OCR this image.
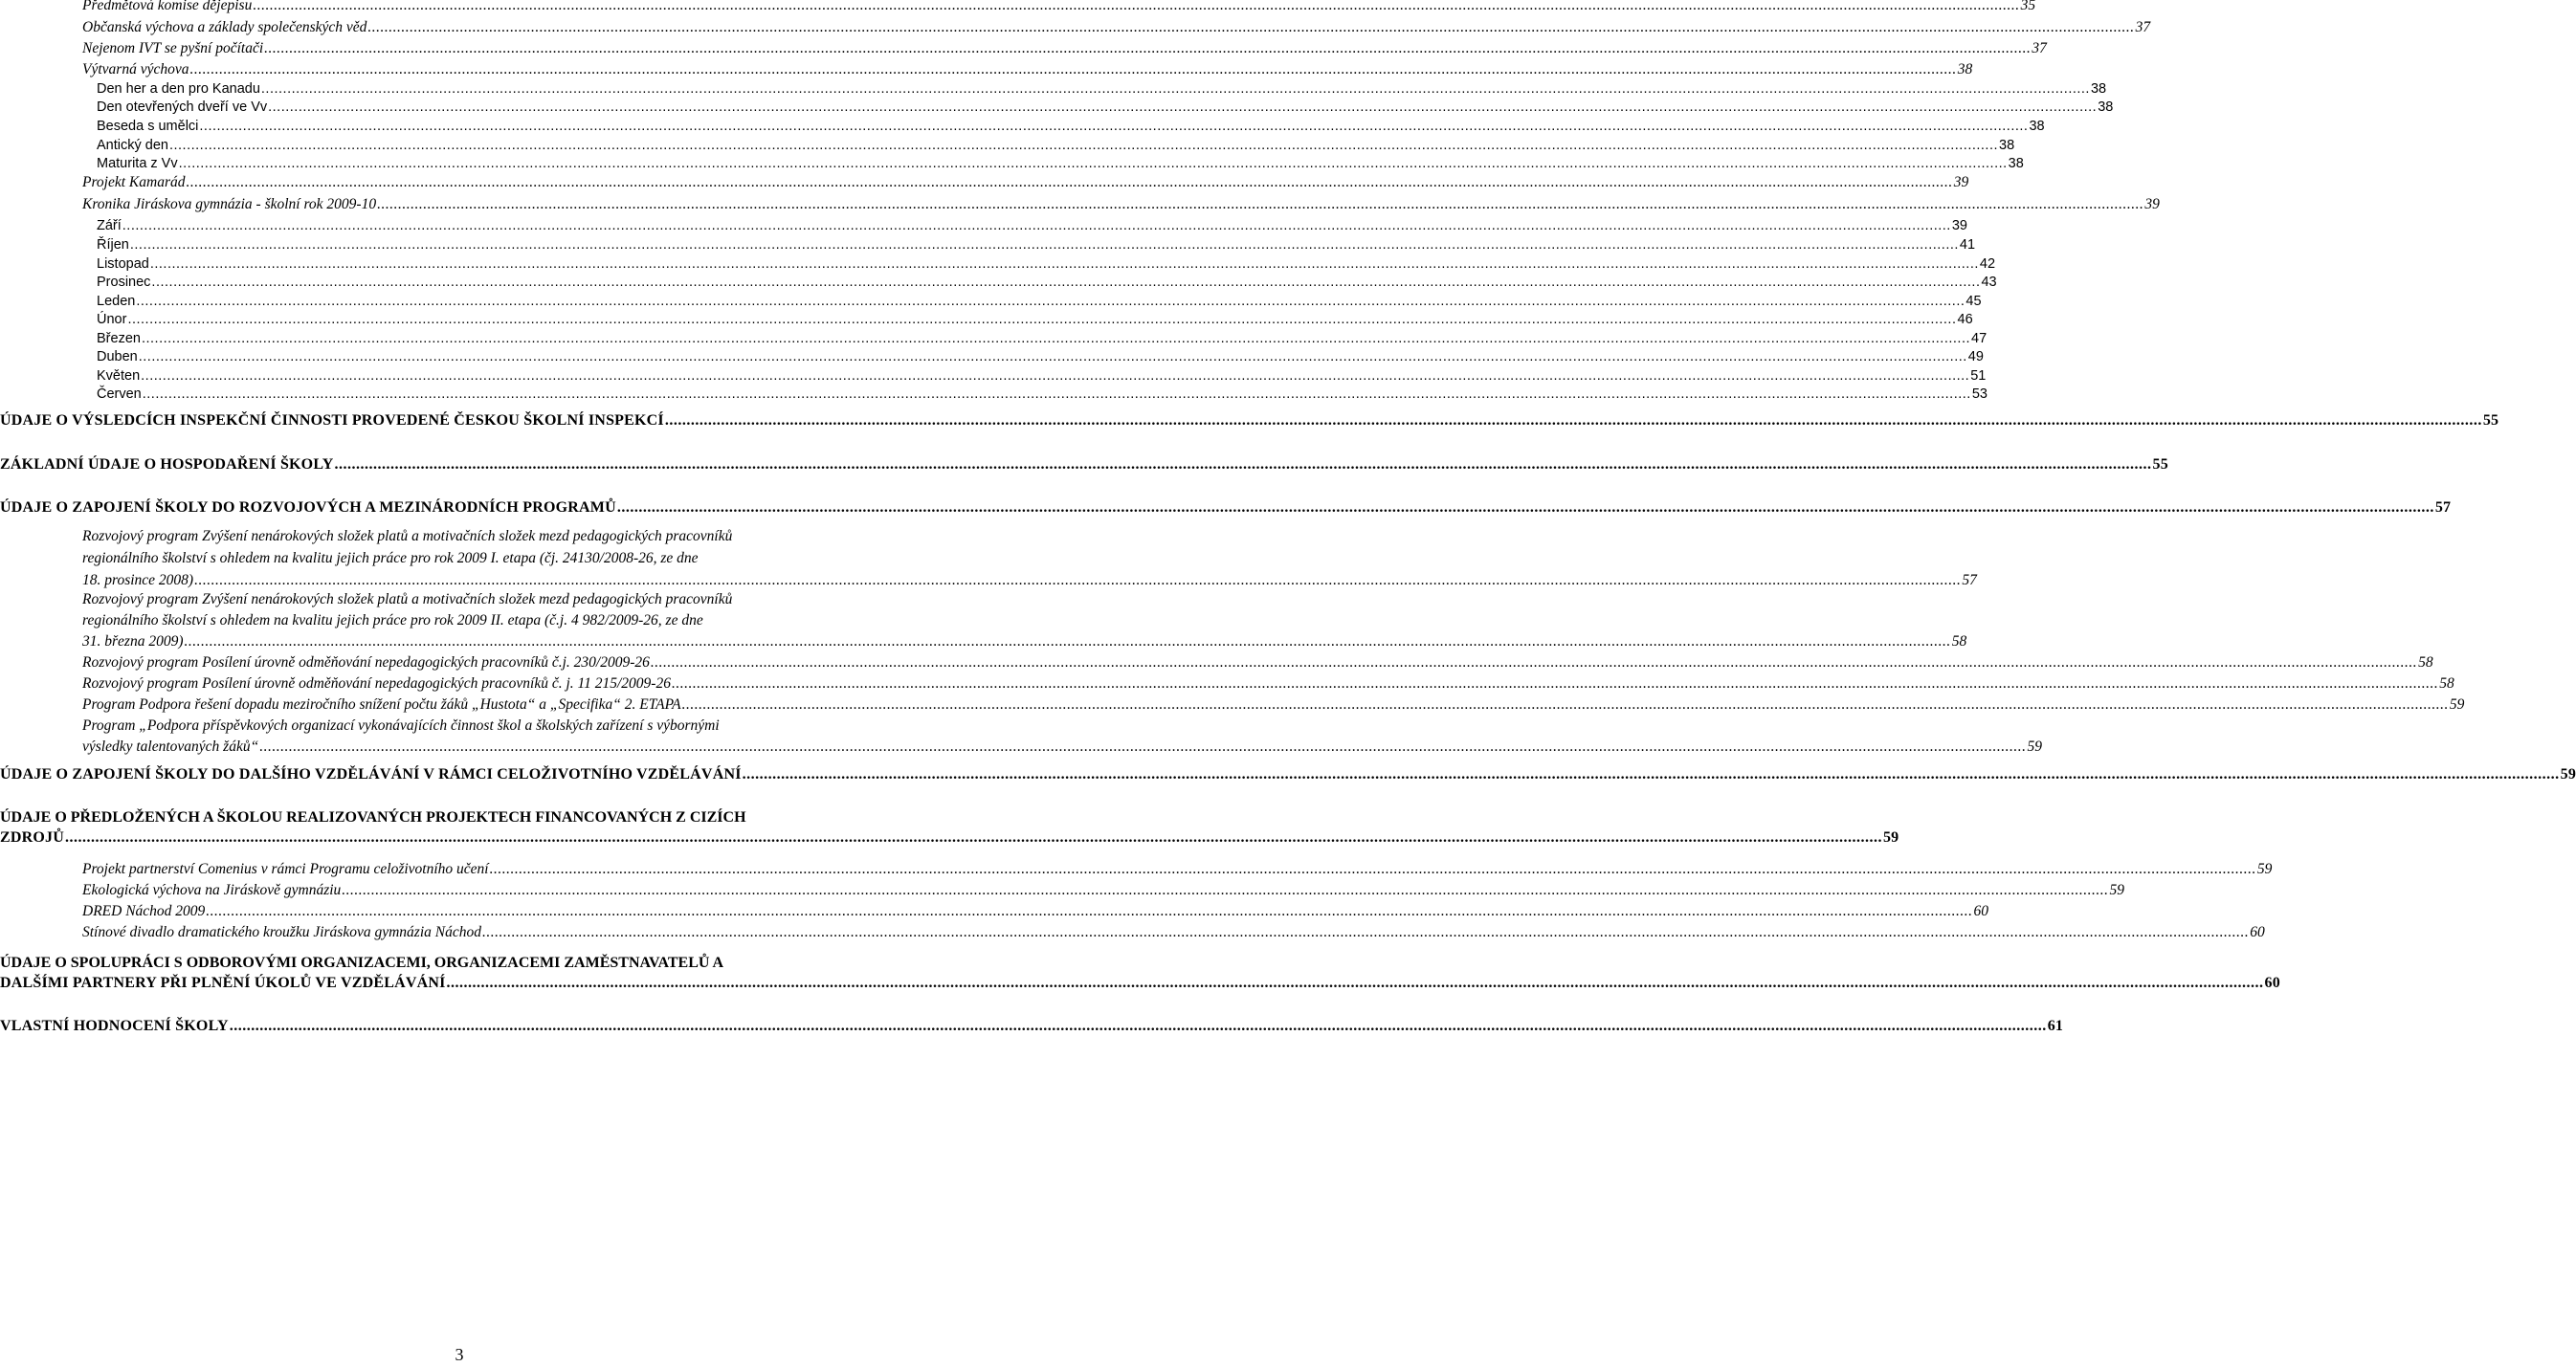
Předmětová komise dějepisu .....	35
Občanská výchova a základy společenských věd .....	37
Nejenom IVT se pyšní počítači .....	37
Výtvarná výchova .....	38
Den her a den pro Kanadu .....	38
Den otevřených dveří ve Vv .....	38
Beseda s umělci .....	38
Antický den .....	38
Maturita z Vv .....	38
Projekt Kamarád .....	39
Kronika Jiráskova gymnázia - školní rok 2009-10 .....	39
Září .....	39
Říjen .....	41
Listopad .....	42
Prosinec .....	43
Leden .....	45
Únor .....	46
Březen .....	47
Duben .....	49
Květen .....	51
Červen .....	53
ÚDAJE O VÝSLEDCÍCH INSPEKČNÍ ČINNOSTI PROVEDENÉ ČESKOU ŠKOLNÍ INSPEKCÍ .....	55
ZÁKLADNÍ ÚDAJE O HOSPODAŘENÍ ŠKOLY .....	55
ÚDAJE O ZAPOJENÍ ŠKOLY DO ROZVOJOVÝCH A MEZINÁRODNÍCH PROGRAMŮ .....	57
Rozvojový program Zvýšení nenárokových složek platů a motivačních složek mezd pedagogických pracovníků
regionálního školství s ohledem na kvalitu jejich práce pro rok 2009 I. etapa (čj. 24130/2008-26, ze dne
18. prosince 2008) .....	57
Rozvojový program Zvýšení nenárokových složek platů a motivačních složek mezd pedagogických pracovníků
regionálního školství s ohledem na kvalitu jejich práce pro rok 2009 II. etapa (č.j. 4 982/2009-26, ze dne
31. března 2009) .....	58
Rozvojový program Posílení úrovně odměňování nepedagogických pracovníků č.j. 230/2009-26 .....	58
Rozvojový program Posílení úrovně odměňování nepedagogických pracovníků č. j. 11 215/2009-26 .....	58
Program Podpora řešení dopadu meziročního snížení počtu žáků „Hustota“ a „Specifika“ 2. ETAPA .....	59
Program „Podpora příspěvkových organizací vykonávajících činnost škol a školských zařízení s výbornými
výsledky talentovaných žáků“ .....	59
ÚDAJE O ZAPOJENÍ ŠKOLY DO DALŠÍHO VZDĚLÁVÁNÍ V RÁMCI CELOŽIVOTNÍHO VZDĚLÁVÁNÍ .....	59
ÚDAJE O PŘEDLOŽENÝCH A ŠKOLOU REALIZOVANÝCH PROJEKTECH FINANCOVANÝCH Z CIZÍCH
ZDROJŮ .....	59
Projekt partnerství Comenius v rámci Programu celoživotního učení .....	59
Ekologická výchova na Jiráskově gymnáziu .....	59
DRED Náchod 2009 .....	60
Stínové divadlo dramatického kroužku Jiráskova gymnázia Náchod .....	60
ÚDAJE O SPOLUPRÁCI S ODBOROVÝMI ORGANIZACEMI, ORGANIZACEMI ZAMĚSTNAVATELŮ A
DALŠÍMI PARTNERY PŘI PLNĚNÍ ÚKOLŮ VE VZDĚLÁVÁNÍ .....	60
VLASTNÍ HODNOCENÍ ŠKOLY .....	61
3
